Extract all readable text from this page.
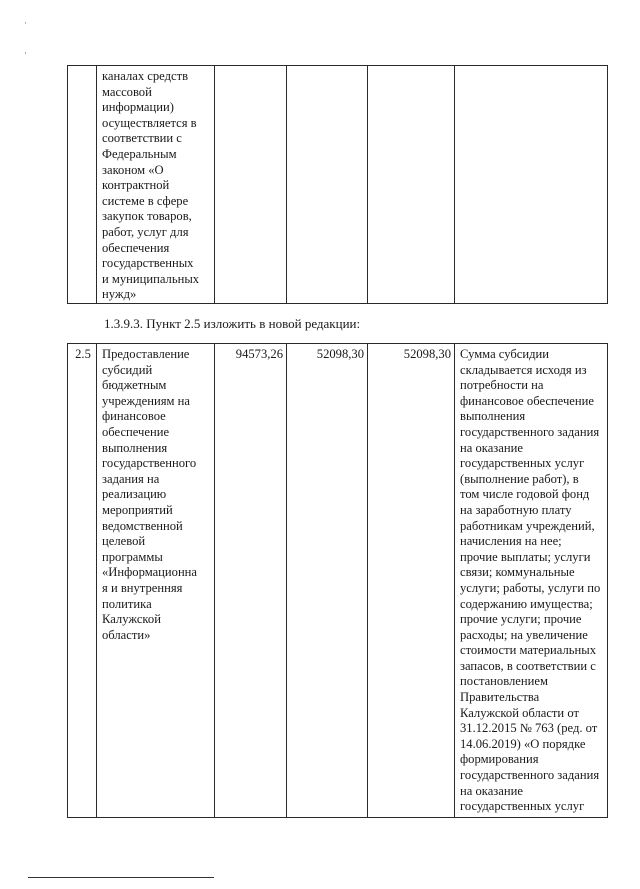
·
·

каналах средств
массовой
информации)
осуществляется в
соответствии с
Федеральным
законом «О
контрактной
системе в сфере
закупок товаров,
работ, услуг для
обеспечения
государственных
и муниципальных
нужд»

1.3.9.3. Пункт 2.5 изложить в новой редакции:
2.5	Предоставление
субсидий
бюджетным
учреждениям на
финансовое
обеспечение
выполнения
государственного
задания на
реализацию
мероприятий
ведомственной
целевой
программы
«Информационна
я и внутренняя
политика
Калужской
области»
	94573,26	52098,30	52098,30	Сумма субсидии
складывается исходя из
потребности на
финансовое обеспечение
выполнения
государственного задания
на оказание
государственных услуг
(выполнение работ), в
том числе годовой фонд
на заработную плату
работникам учреждений,
начисления на нее;
прочие выплаты; услуги
связи; коммунальные
услуги; работы, услуги по
содержанию имущества;
прочие услуги; прочие
расходы; на увеличение
стоимости материальных
запасов, в соответствии с
постановлением
Правительства
Калужской области от
31.12.2015 № 763 (ред. от
14.06.2019) «О порядке
формирования
государственного задания
на оказание
государственных услуг
